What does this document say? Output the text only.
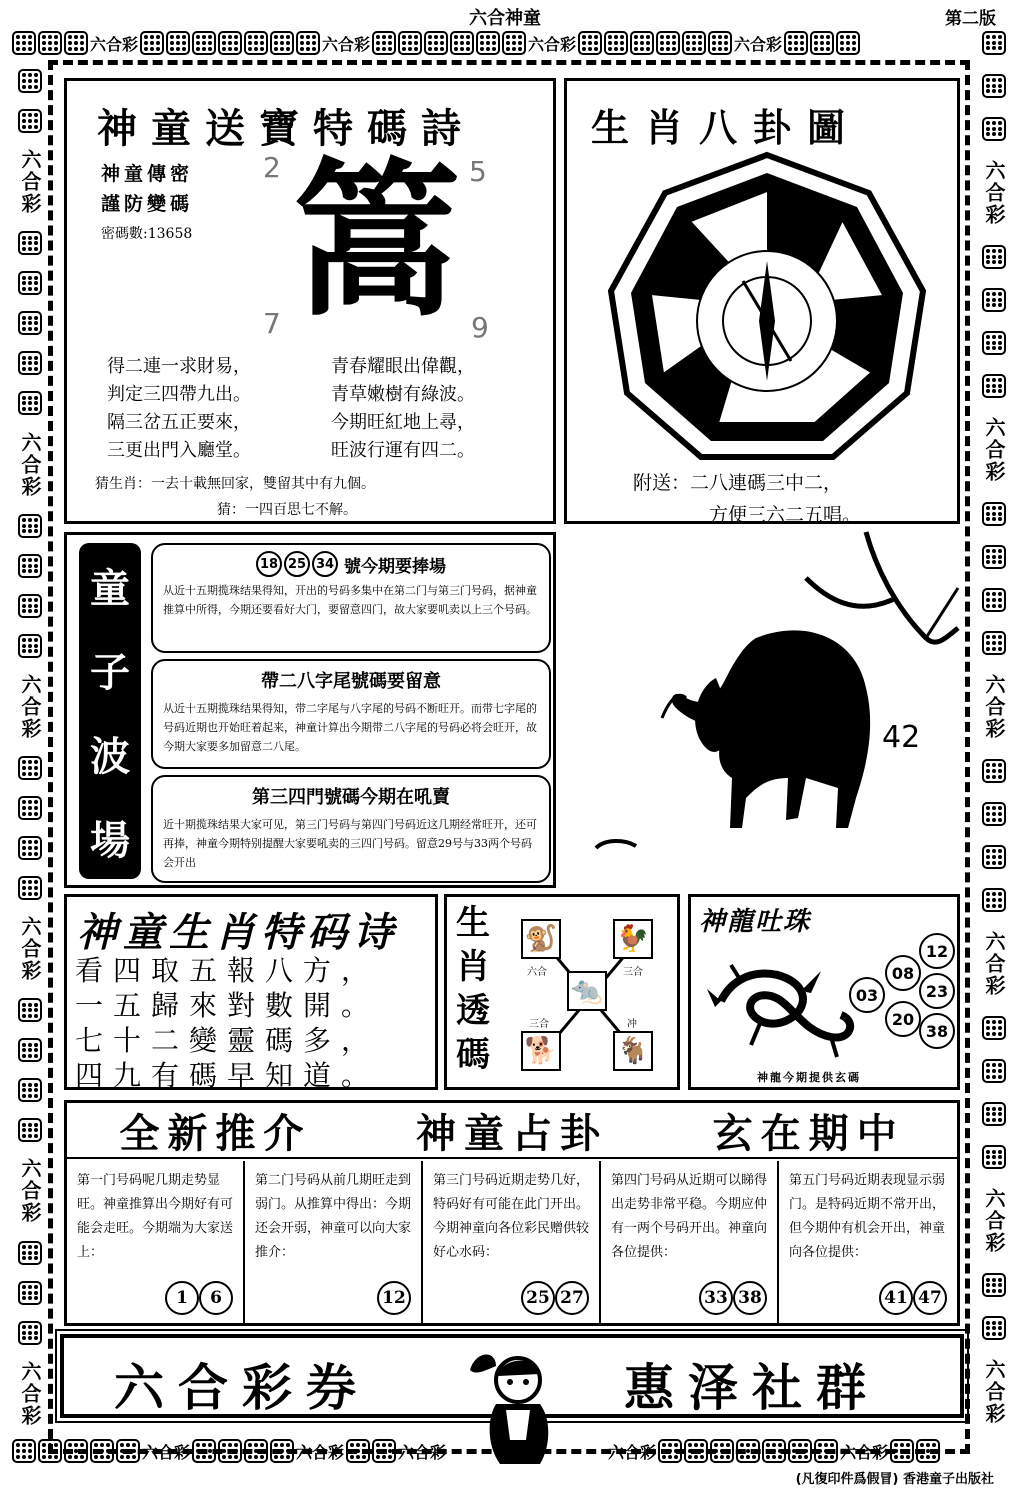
六合神童	第二版
六合彩	六合彩	六合彩	六合彩
六合彩
六合彩
六合彩
六合彩
六合彩
六合彩
六合彩
六合彩
六合彩
六合彩
六合彩
六合彩
六合彩	六合彩	六合彩	六合彩	六合彩
神童送寶特碼詩
神童傳密
謹防變碼
密碼數:13658
2	5
7	9
篙
得二連一求財易，
判定三四帶九出。
隔三岔五正要來，
三更出門入廳堂。
青春耀眼出偉觀，
青草嫩樹有綠波。
今期旺紅地上尋，
旺波行運有四二。
猜生肖：一去十載無回家，雙留其中有九個。
猜：一四百思七不解。
生肖八卦圖
附送：二八連碼三中二，
方便三六二五唱。
童
子
波
場
18 25 34 號今期要捧場
从近十五期揽珠结果得知，开出的号码多集中在第二门与第三门号码，据神童推算中所得，今期还要看好大门，要留意四门，故大家要叽卖以上三个号码。
帶二八字尾號碼要留意
从近十五期揽珠结果得知，带二字尾与八字尾的号码不断旺开。而带七字尾的号码近期也开始旺着起来，神童计算出今期带二八字尾的号码必将会旺开，故今期大家要多加留意二八尾。
第三四門號碼今期在吼賣
近十期揽珠结果大家可见，第三门号码与第四门号码近这几期经常旺开，还可再捧，神童今期特别提醒大家要吼卖的三四门号码。留意29号与33两个号码会开出
42
神童生肖特码诗
看四取五報八方，
一五歸來對數開。
七十二變靈碼多，
四九有碼早知道。
生
肖
透
碼
🐒 🐓
🐀
🐕 🐐
六合	三合
三合	冲
神龍吐珠
12
08
03	23
20
38
神龍今期提供玄碼
全新推介	神童占卦	玄在期中
第一门号码呢几期走势显旺。神童推算出今期好有可能会走旺。今期端为大家送上：
1	6
第二门号码从前几期旺走到弱门。从推算中得出：今期还会开弱，神童可以向大家推介：
12
第三门号码近期走势几好，特码好有可能在此门开出。今期神童向各位彩民赠供较好心水码：
25 27
第四门号码从近期可以睇得出走势非常平稳。今期应仲有一两个号码开出。神童向各位提供：
33 38
第五门号码近期表现显示弱门。是特码近期不常开出，但今期仲有机会开出，神童向各位提供：
41 47
六合彩券	惠泽社群
(凡復印件爲假冒) 香港童子出版社
